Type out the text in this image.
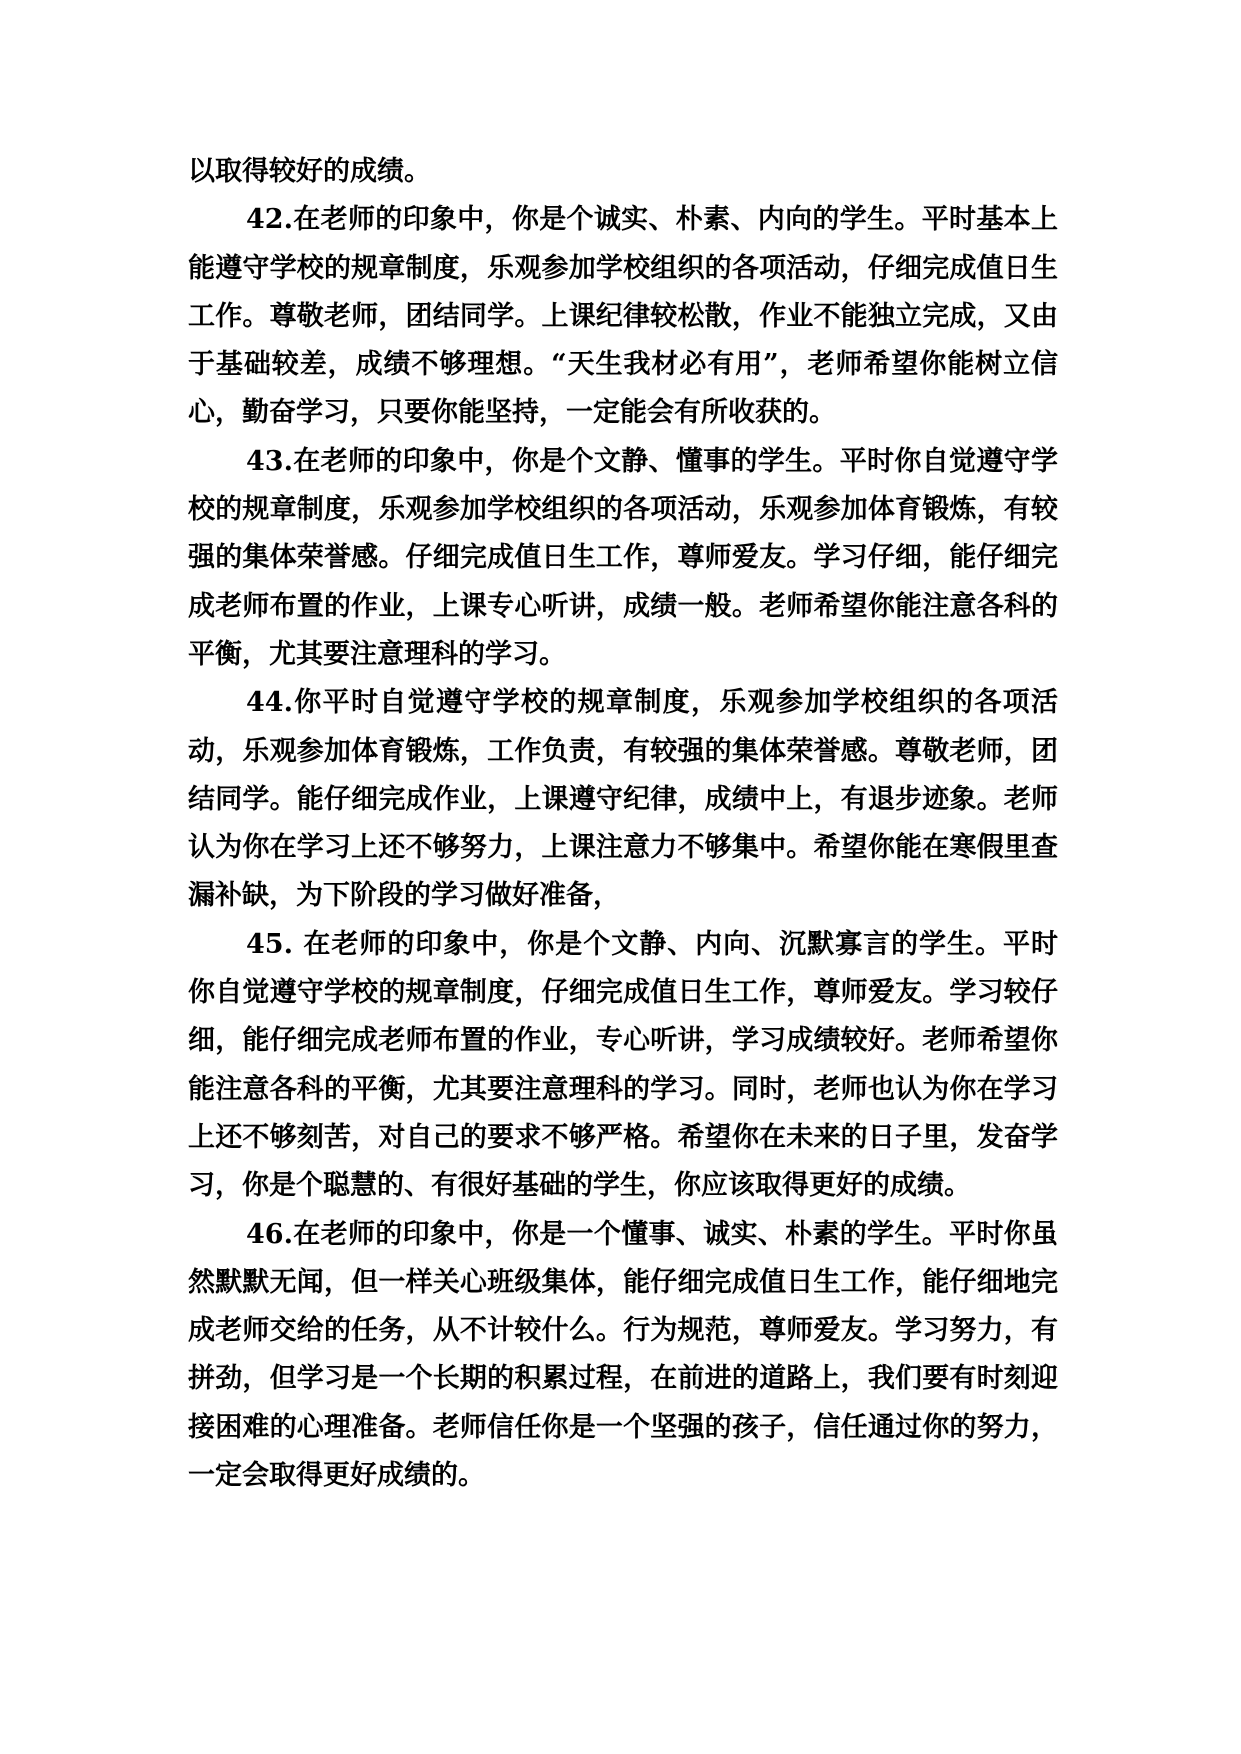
以取得较好的成绩。

42.在老师的印象中，你是个诚实、朴素、内向的学生。平时基本上能遵守学校的规章制度，乐观参加学校组织的各项活动，仔细完成值日生工作。尊敬老师，团结同学。上课纪律较松散，作业不能独立完成，又由于基础较差，成绩不够理想。“天生我材必有用”，老师希望你能树立信心，勤奋学习，只要你能坚持，一定能会有所收获的。

43.在老师的印象中，你是个文静、懂事的学生。平时你自觉遵守学校的规章制度，乐观参加学校组织的各项活动，乐观参加体育锻炼，有较强的集体荣誉感。仔细完成值日生工作，尊师爱友。学习仔细，能仔细完成老师布置的作业，上课专心听讲，成绩一般。老师希望你能注意各科的平衡，尤其要注意理科的学习。

44.你平时自觉遵守学校的规章制度，乐观参加学校组织的各项活动，乐观参加体育锻炼，工作负责，有较强的集体荣誉感。尊敬老师，团结同学。能仔细完成作业，上课遵守纪律，成绩中上，有退步迹象。老师认为你在学习上还不够努力，上课注意力不够集中。希望你能在寒假里查漏补缺，为下阶段的学习做好准备，

45. 在老师的印象中，你是个文静、内向、沉默寡言的学生。平时你自觉遵守学校的规章制度，仔细完成值日生工作，尊师爱友。学习较仔细，能仔细完成老师布置的作业，专心听讲，学习成绩较好。老师希望你能注意各科的平衡，尤其要注意理科的学习。同时，老师也认为你在学习上还不够刻苦，对自己的要求不够严格。希望你在未来的日子里，发奋学习，你是个聪慧的、有很好基础的学生，你应该取得更好的成绩。

46.在老师的印象中，你是一个懂事、诚实、朴素的学生。平时你虽然默默无闻，但一样关心班级集体，能仔细完成值日生工作，能仔细地完成老师交给的任务，从不计较什么。行为规范，尊师爱友。学习努力，有拼劲，但学习是一个长期的积累过程，在前进的道路上，我们要有时刻迎接困难的心理准备。老师信任你是一个坚强的孩子，信任通过你的努力，一定会取得更好成绩的。
